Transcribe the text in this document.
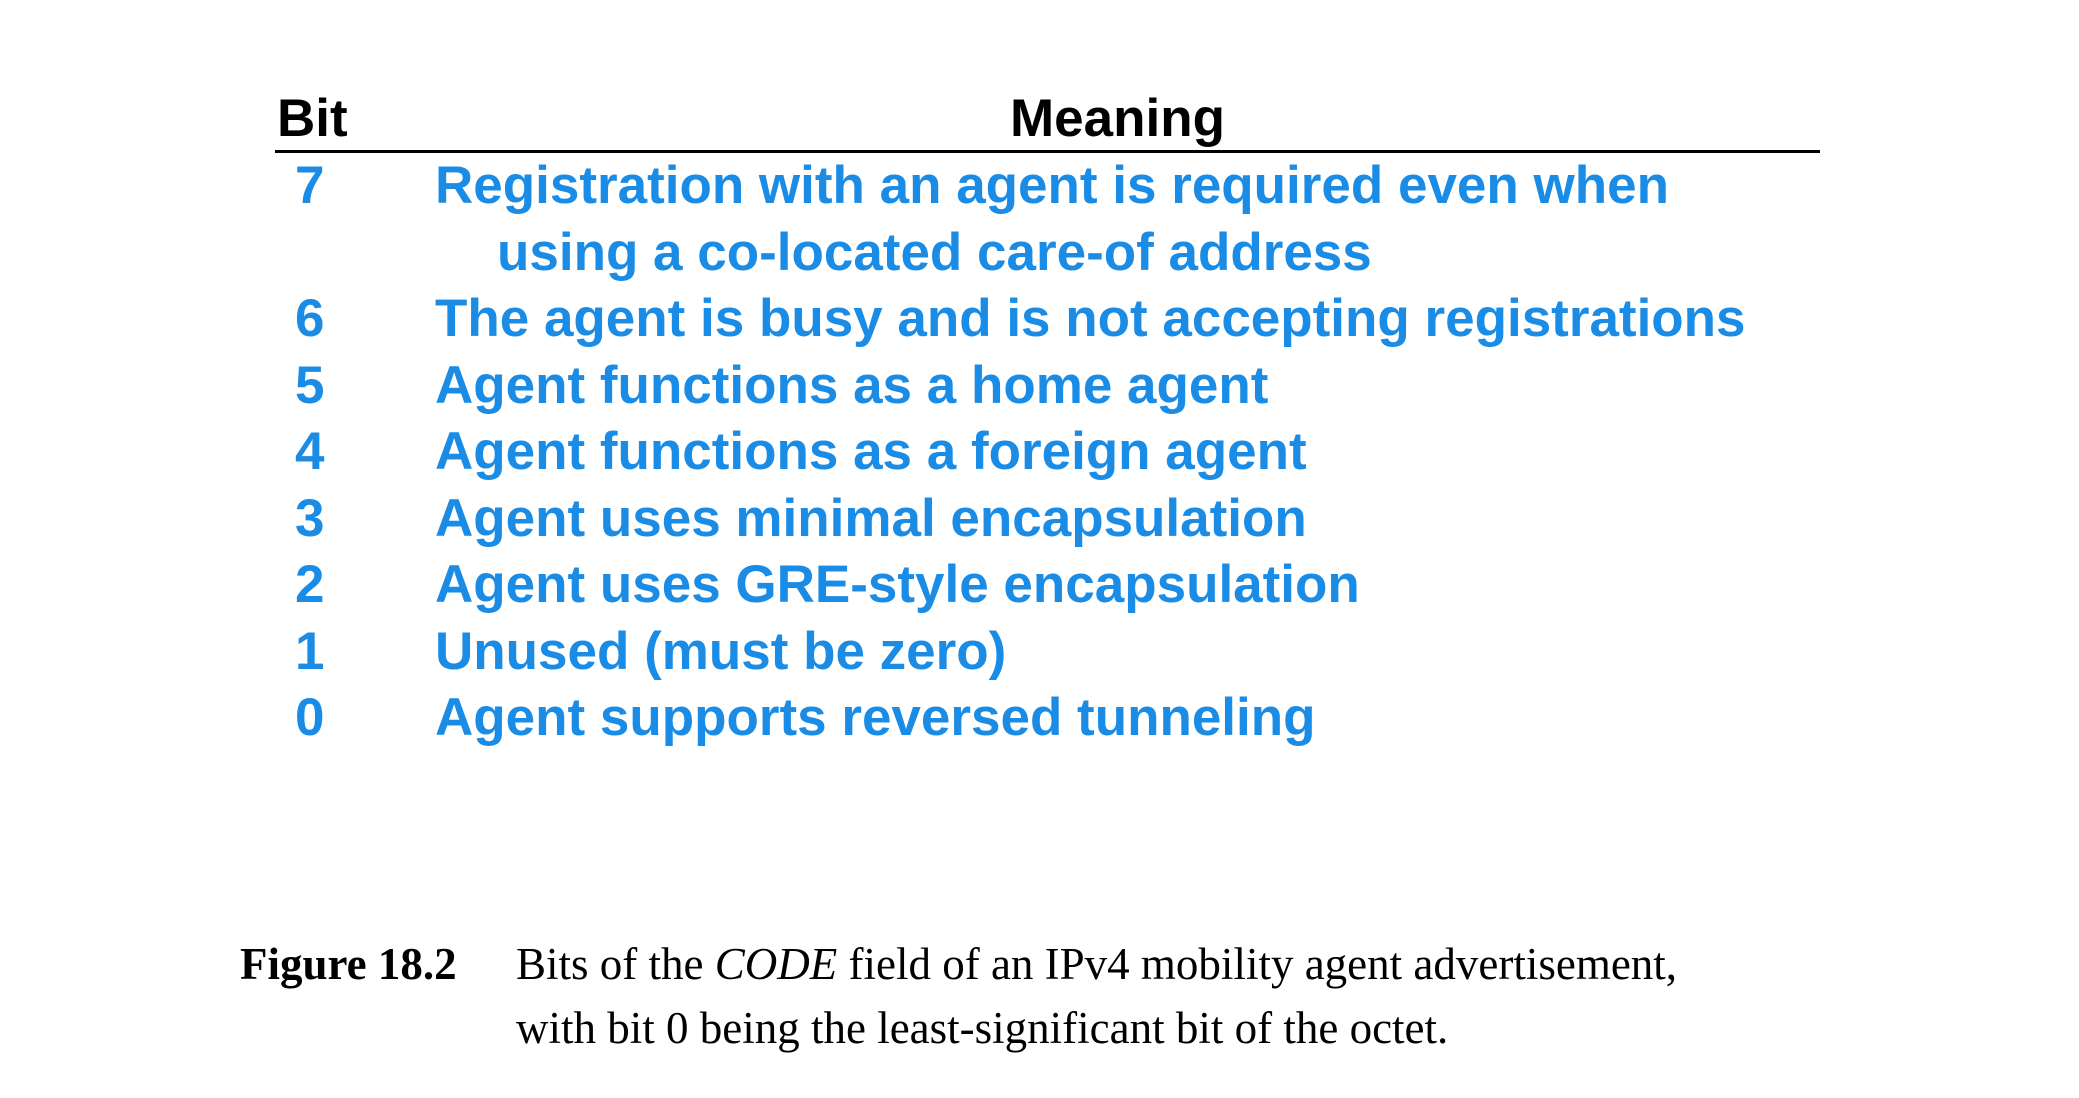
Bit	Meaning
7 Registration with an agent is required even when
using a co-located care-of address
6 The agent is busy and is not accepting registrations
5 Agent functions as a home agent
4 Agent functions as a foreign agent
3 Agent uses minimal encapsulation
2 Agent uses GRE-style encapsulation
1 Unused (must be zero)
0 Agent supports reversed tunneling
Figure 18.2 Bits of the CODE field of an IPv4 mobility agent advertisement,
with bit 0 being the least-significant bit of the octet.
